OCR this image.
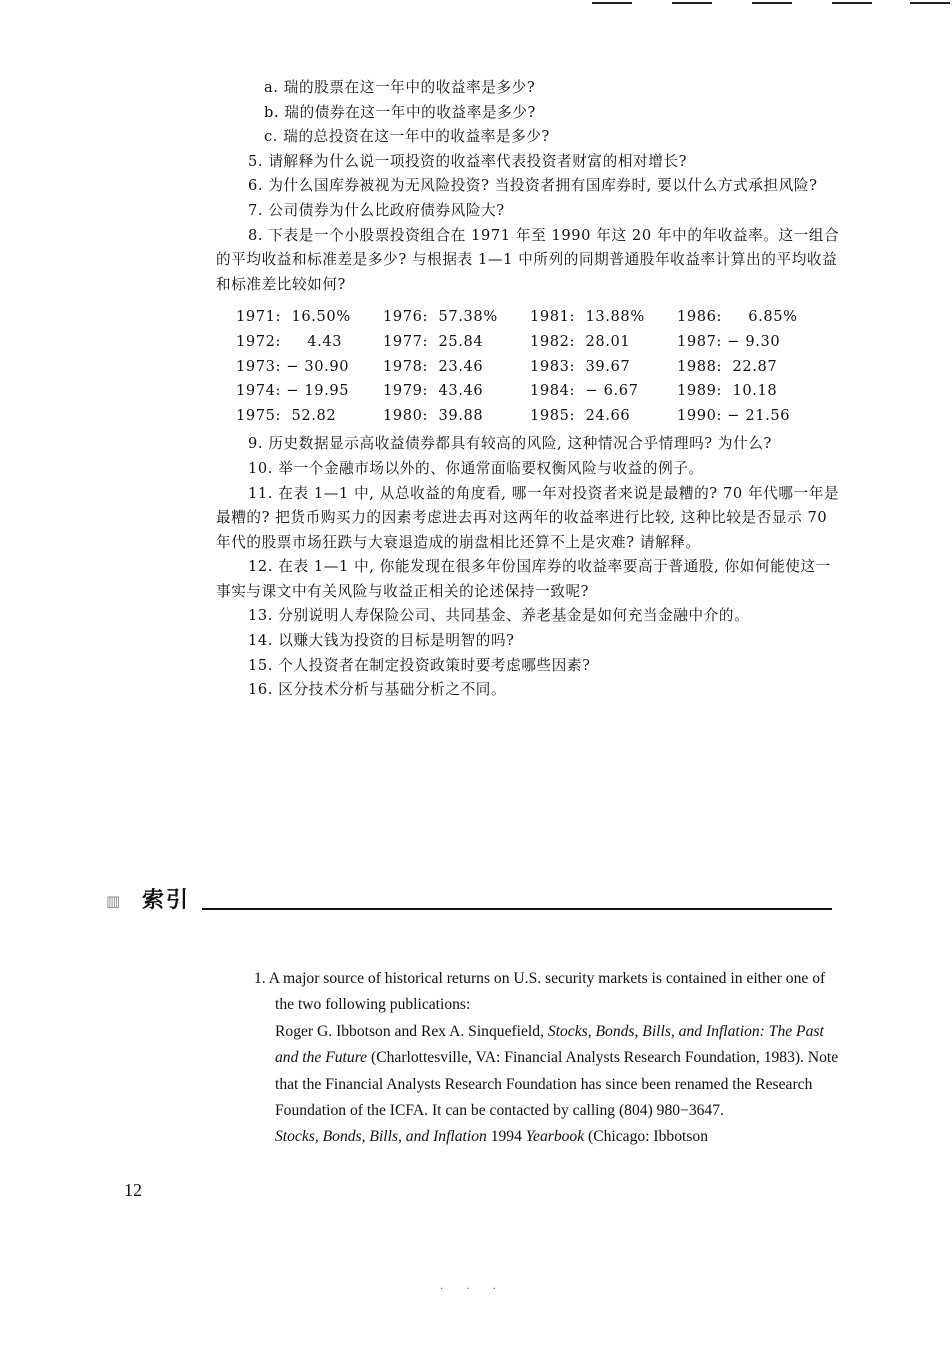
a. 瑞的股票在这一年中的收益率是多少?

b. 瑞的债券在这一年中的收益率是多少?

c. 瑞的总投资在这一年中的收益率是多少?

5. 请解释为什么说一项投资的收益率代表投资者财富的相对增长?

6. 为什么国库券被视为无风险投资? 当投资者拥有国库券时, 要以什么方式承担风险?

7. 公司债券为什么比政府债券风险大?

8. 下表是一个小股票投资组合在 1971 年至 1990 年这 20 年中的年收益率。这一组合的平均收益和标准差是多少? 与根据表 1—1 中所列的同期普通股年收益率计算出的平均收益和标准差比较如何?

1971:  16.50%	1976:  57.38%	1981:  13.88%	1986:     6.85%
1972:     4.43	1977:  25.84	1982:  28.01	1987: − 9.30
1973: − 30.90	1978:  23.46	1983:  39.67	1988:  22.87
1974: − 19.95	1979:  43.46	1984:  − 6.67	1989:  10.18
1975:  52.82	1980:  39.88	1985:  24.66	1990: − 21.56

9. 历史数据显示高收益债券都具有较高的风险, 这种情况合乎情理吗? 为什么?

10. 举一个金融市场以外的、你通常面临要权衡风险与收益的例子。

11. 在表 1—1 中, 从总收益的角度看, 哪一年对投资者来说是最糟的? 70 年代哪一年是最糟的? 把货币购买力的因素考虑进去再对这两年的收益率进行比较, 这种比较是否显示 70 年代的股票市场狂跌与大衰退造成的崩盘相比还算不上是灾难? 请解释。

12. 在表 1—1 中, 你能发现在很多年份国库券的收益率要高于普通股, 你如何能使这一事实与课文中有关风险与收益正相关的论述保持一致呢?

13. 分别说明人寿保险公司、共同基金、养老基金是如何充当金融中介的。

14. 以赚大钱为投资的目标是明智的吗?

15. 个人投资者在制定投资政策时要考虑哪些因素?

16. 区分技术分析与基础分析之不同。

▥ 索引

1. A major source of historical returns on U.S. security markets is contained in either one of the two following publications:

Roger G. Ibbotson and Rex A. Sinquefield, Stocks, Bonds, Bills, and Inflation: The Past and the Future (Charlottesville, VA: Financial Analysts Research Foundation, 1983). Note that the Financial Analysts Research Foundation has since been renamed the Research Foundation of the ICFA. It can be contacted by calling (804) 980−3647.

Stocks, Bonds, Bills, and Inflation 1994 Yearbook (Chicago: Ibbotson

12
· · ·
